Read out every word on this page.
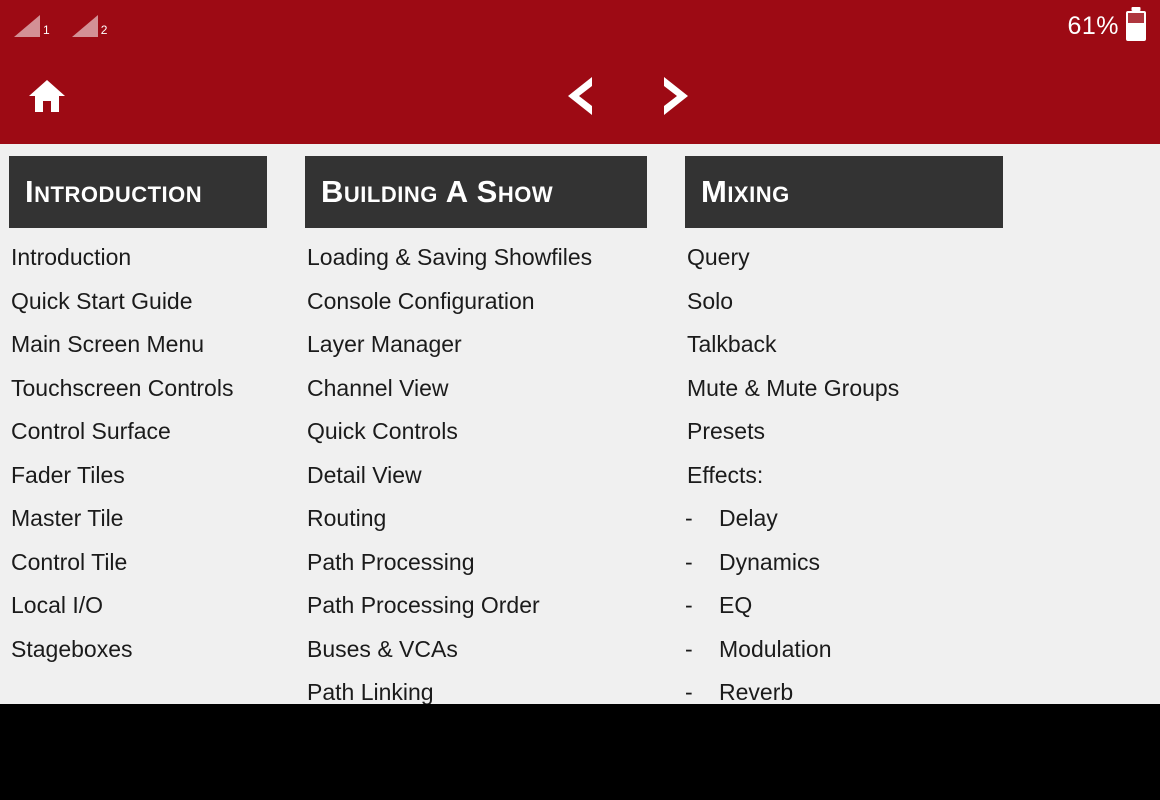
1	2	61%
Introduction
Introduction
Quick Start Guide
Main Screen Menu
Touchscreen Controls
Control Surface
Fader Tiles
Master Tile
Control Tile
Local I/O
Stageboxes
Building A Show
Loading & Saving Showfiles
Console Configuration
Layer Manager
Channel View
Quick Controls
Detail View
Routing
Path Processing
Path Processing Order
Buses & VCAs
Path Linking
Mixing
Query
Solo
Talkback
Mute & Mute Groups
Presets
Effects:
-	Delay
-	Dynamics
-	EQ
-	Modulation
-	Reverb
